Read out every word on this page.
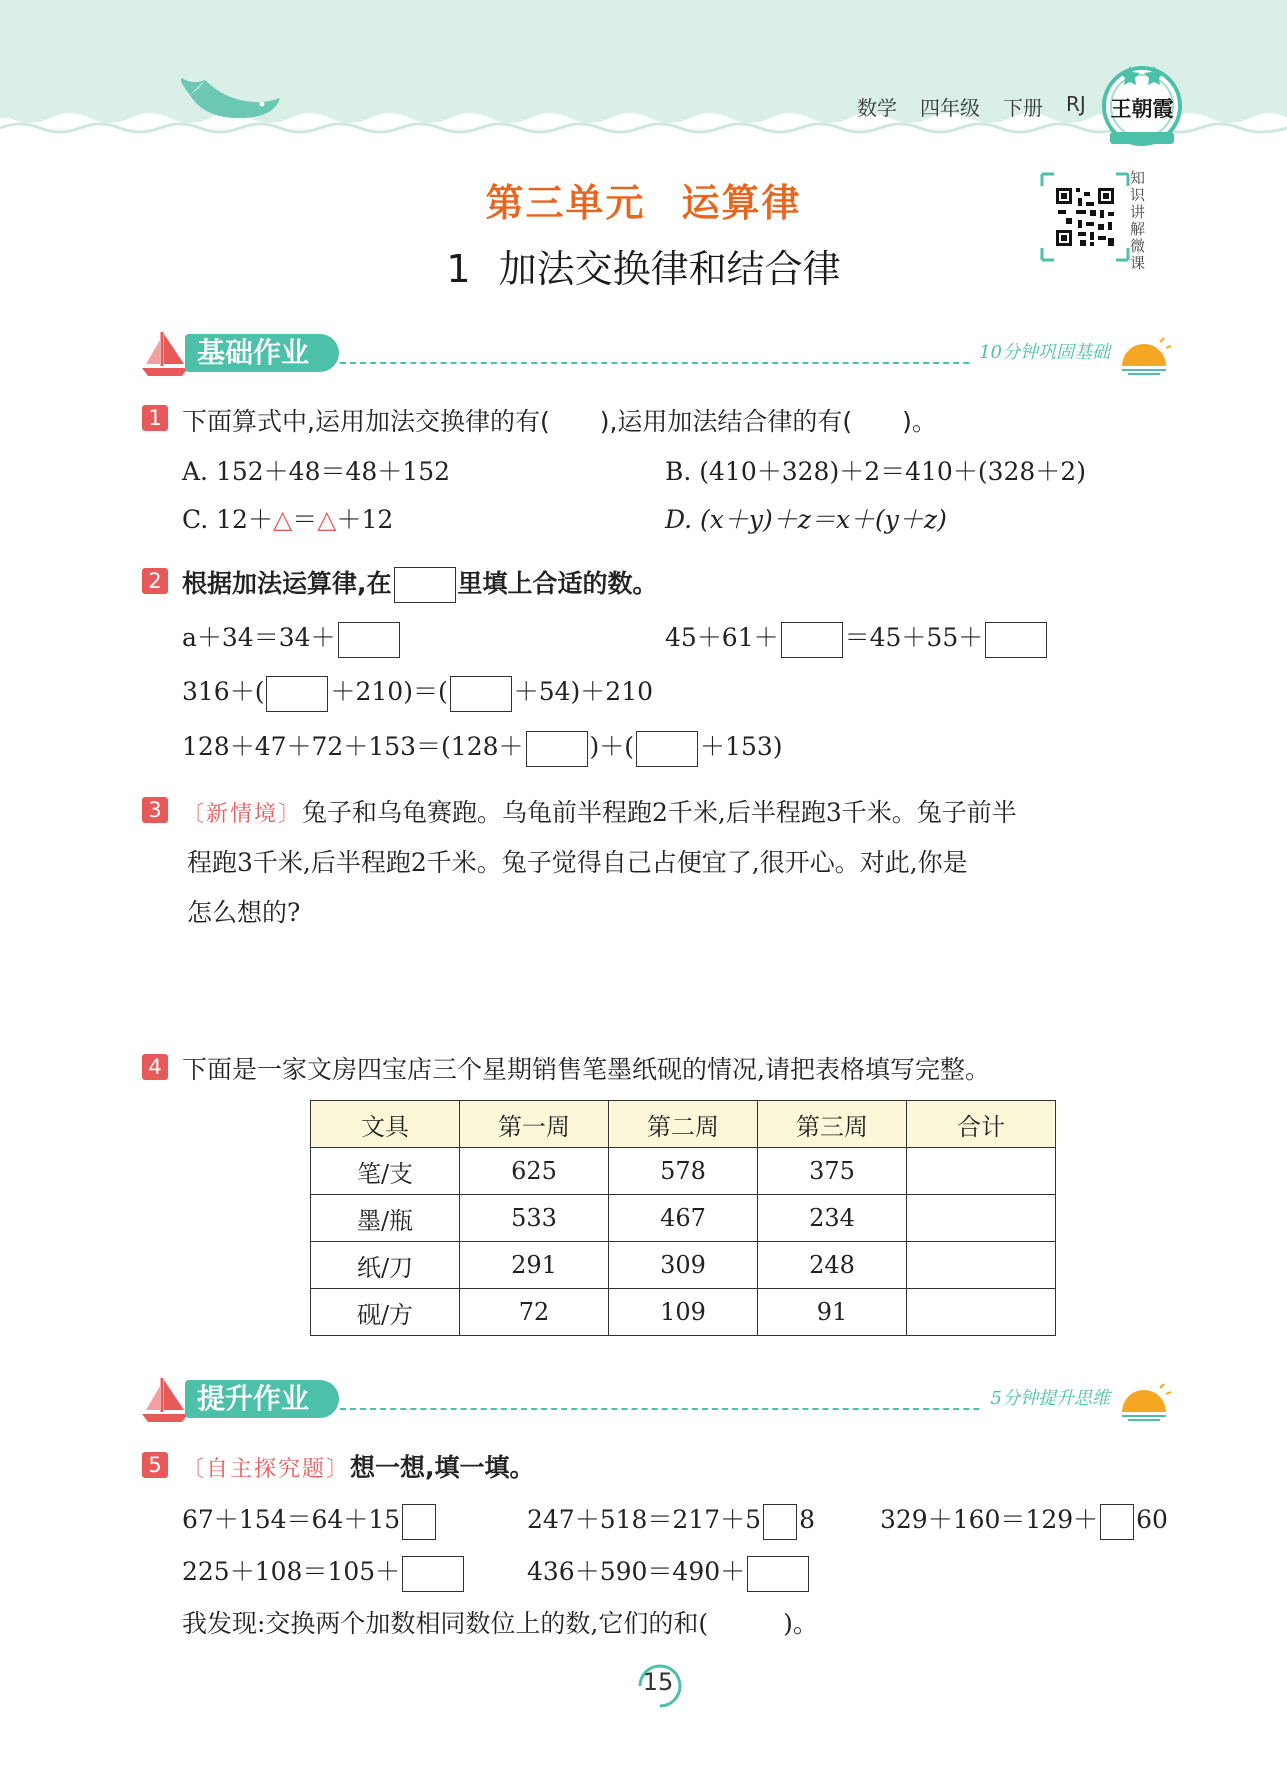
数学 四年级 下册 RJ 王朝霞
第三单元 运算律
1 加法交换律和结合律
知识讲解微课
基础作业	10分钟巩固基础
1 下面算式中,运用加法交换律的有(　　),运用加法结合律的有(　　)。
A. 152＋48＝48＋152	B. (410＋328)＋2＝410＋(328＋2)
C. 12＋△＝△＋12	D. (x＋y)＋z＝x＋(y＋z)
2 根据加法运算律,在	里填上合适的数。
a＋34＝34＋	45＋61＋	＝45＋55＋
316＋(	＋210)＝(	＋54)＋210
128＋47＋72＋153＝(128＋	)＋(	＋153)
3 〔新情境〕兔子和乌龟赛跑。乌龟前半程跑2千米,后半程跑3千米。兔子前半
程跑3千米,后半程跑2千米。兔子觉得自己占便宜了,很开心。对此,你是
怎么想的?
4 下面是一家文房四宝店三个星期销售笔墨纸砚的情况,请把表格填写完整。
文具	第一周	第二周	第三周	合计
笔/支	625	578	375	
墨/瓶	533	467	234	
纸/刀	291	309	248	
砚/方	72	109	91	
提升作业	5分钟提升思维
5 〔自主探究题〕想一想,填一填。
67＋154＝64＋15	247＋518＝217＋5 8	329＋160＝129＋ 60
225＋108＝105＋	436＋590＝490＋
我发现:交换两个加数相同数位上的数,它们的和(　　　)。
15
